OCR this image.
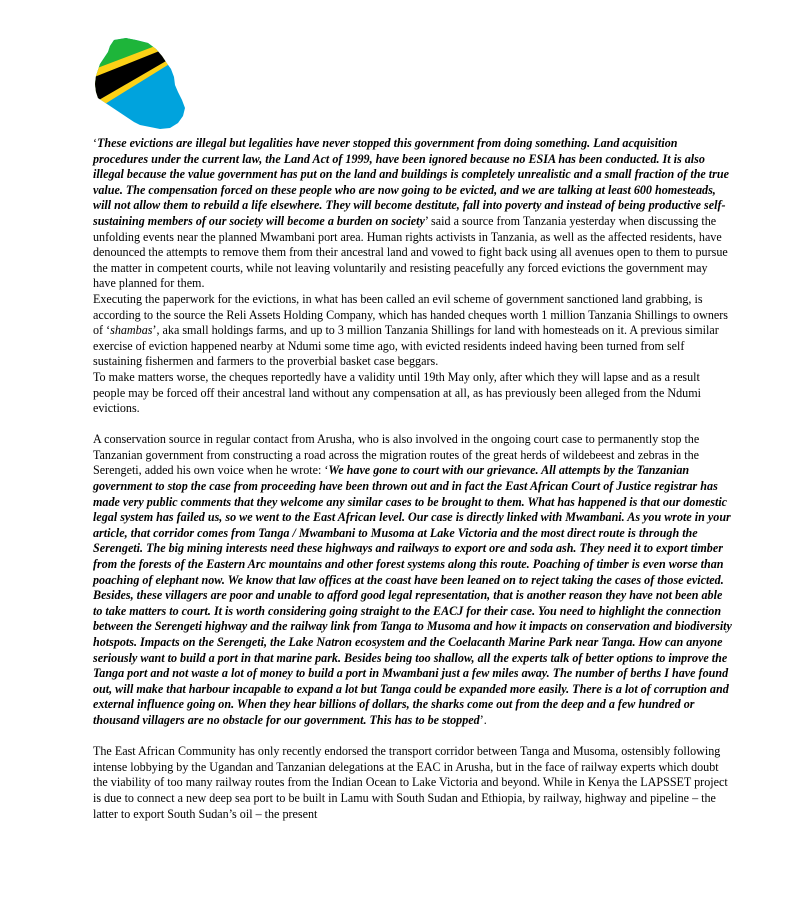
‘These evictions are illegal but legalities have never stopped this government from doing something. Land acquisition procedures under the current law, the Land Act of 1999, have been ignored because no ESIA has been conducted. It is also illegal because the value government has put on the land and buildings is completely unrealistic and a small fraction of the true value. The compensation forced on these people who are now going to be evicted, and we are talking at least 600 homesteads, will not allow them to rebuild a life elsewhere. They will become destitute, fall into poverty and instead of being productive self-sustaining members of our society will become a burden on society’ said a source from Tanzania yesterday when discussing the unfolding events near the planned Mwambani port area. Human rights activists in Tanzania, as well as the affected residents, have denounced the attempts to remove them from their ancestral land and vowed to fight back using all avenues open to them to pursue the matter in competent courts, while not leaving voluntarily and resisting peacefully any forced evictions the government may have planned for them.

Executing the paperwork for the evictions, in what has been called an evil scheme of government sanctioned land grabbing, is according to the source the Reli Assets Holding Company, which has handed cheques worth 1 million Tanzania Shillings to owners of ‘shambas’, aka small holdings farms, and up to 3 million Tanzania Shillings for land with homesteads on it. A previous similar exercise of eviction happened nearby at Ndumi some time ago, with evicted residents indeed having been turned from self sustaining fishermen and farmers to the proverbial basket case beggars.

To make matters worse, the cheques reportedly have a validity until 19th May only, after which they will lapse and as a result people may be forced off their ancestral land without any compensation at all, as has previously been alleged from the Ndumi evictions.

A conservation source in regular contact from Arusha, who is also involved in the ongoing court case to permanently stop the Tanzanian government from constructing a road across the migration routes of the great herds of wildebeest and zebras in the Serengeti, added his own voice when he wrote: ‘We have gone to court with our grievance. All attempts by the Tanzanian government to stop the case from proceeding have been thrown out and in fact the East African Court of Justice registrar has made very public comments that they welcome any similar cases to be brought to them. What has happened is that our domestic legal system has failed us, so we went to the East African level. Our case is directly linked with Mwambani. As you wrote in your article, that corridor comes from Tanga / Mwambani to Musoma at Lake Victoria and the most direct route is through the Serengeti. The big mining interests need these highways and railways to export ore and soda ash. They need it to export timber from the forests of the Eastern Arc mountains and other forest systems along this route. Poaching of timber is even worse than poaching of elephant now. We know that law offices at the coast have been leaned on to reject taking the cases of those evicted. Besides, these villagers are poor and unable to afford good legal representation, that is another reason they have not been able to take matters to court. It is worth considering going straight to the EACJ for their case. You need to highlight the connection between the Serengeti highway and the railway link from Tanga to Musoma and how it impacts on conservation and biodiversity hotspots. Impacts on the Serengeti, the Lake Natron ecosystem and the Coelacanth Marine Park near Tanga. How can anyone seriously want to build a port in that marine park. Besides being too shallow, all the experts talk of better options to improve the Tanga port and not waste a lot of money to build a port in Mwambani just a few miles away. The number of berths I have found out, will make that harbour incapable to expand a lot but Tanga could be expanded more easily. There is a lot of corruption and external influence going on. When they hear billions of dollars, the sharks come out from the deep and a few hundred or thousand villagers are no obstacle for our government. This has to be stopped’.

The East African Community has only recently endorsed the transport corridor between Tanga and Musoma, ostensibly following intense lobbying by the Ugandan and Tanzanian delegations at the EAC in Arusha, but in the face of railway experts which doubt the viability of too many railway routes from the Indian Ocean to Lake Victoria and beyond. While in Kenya the LAPSSET project is due to connect a new deep sea port to be built in Lamu with South Sudan and Ethiopia, by railway, highway and pipeline – the latter to export South Sudan’s oil – the present
